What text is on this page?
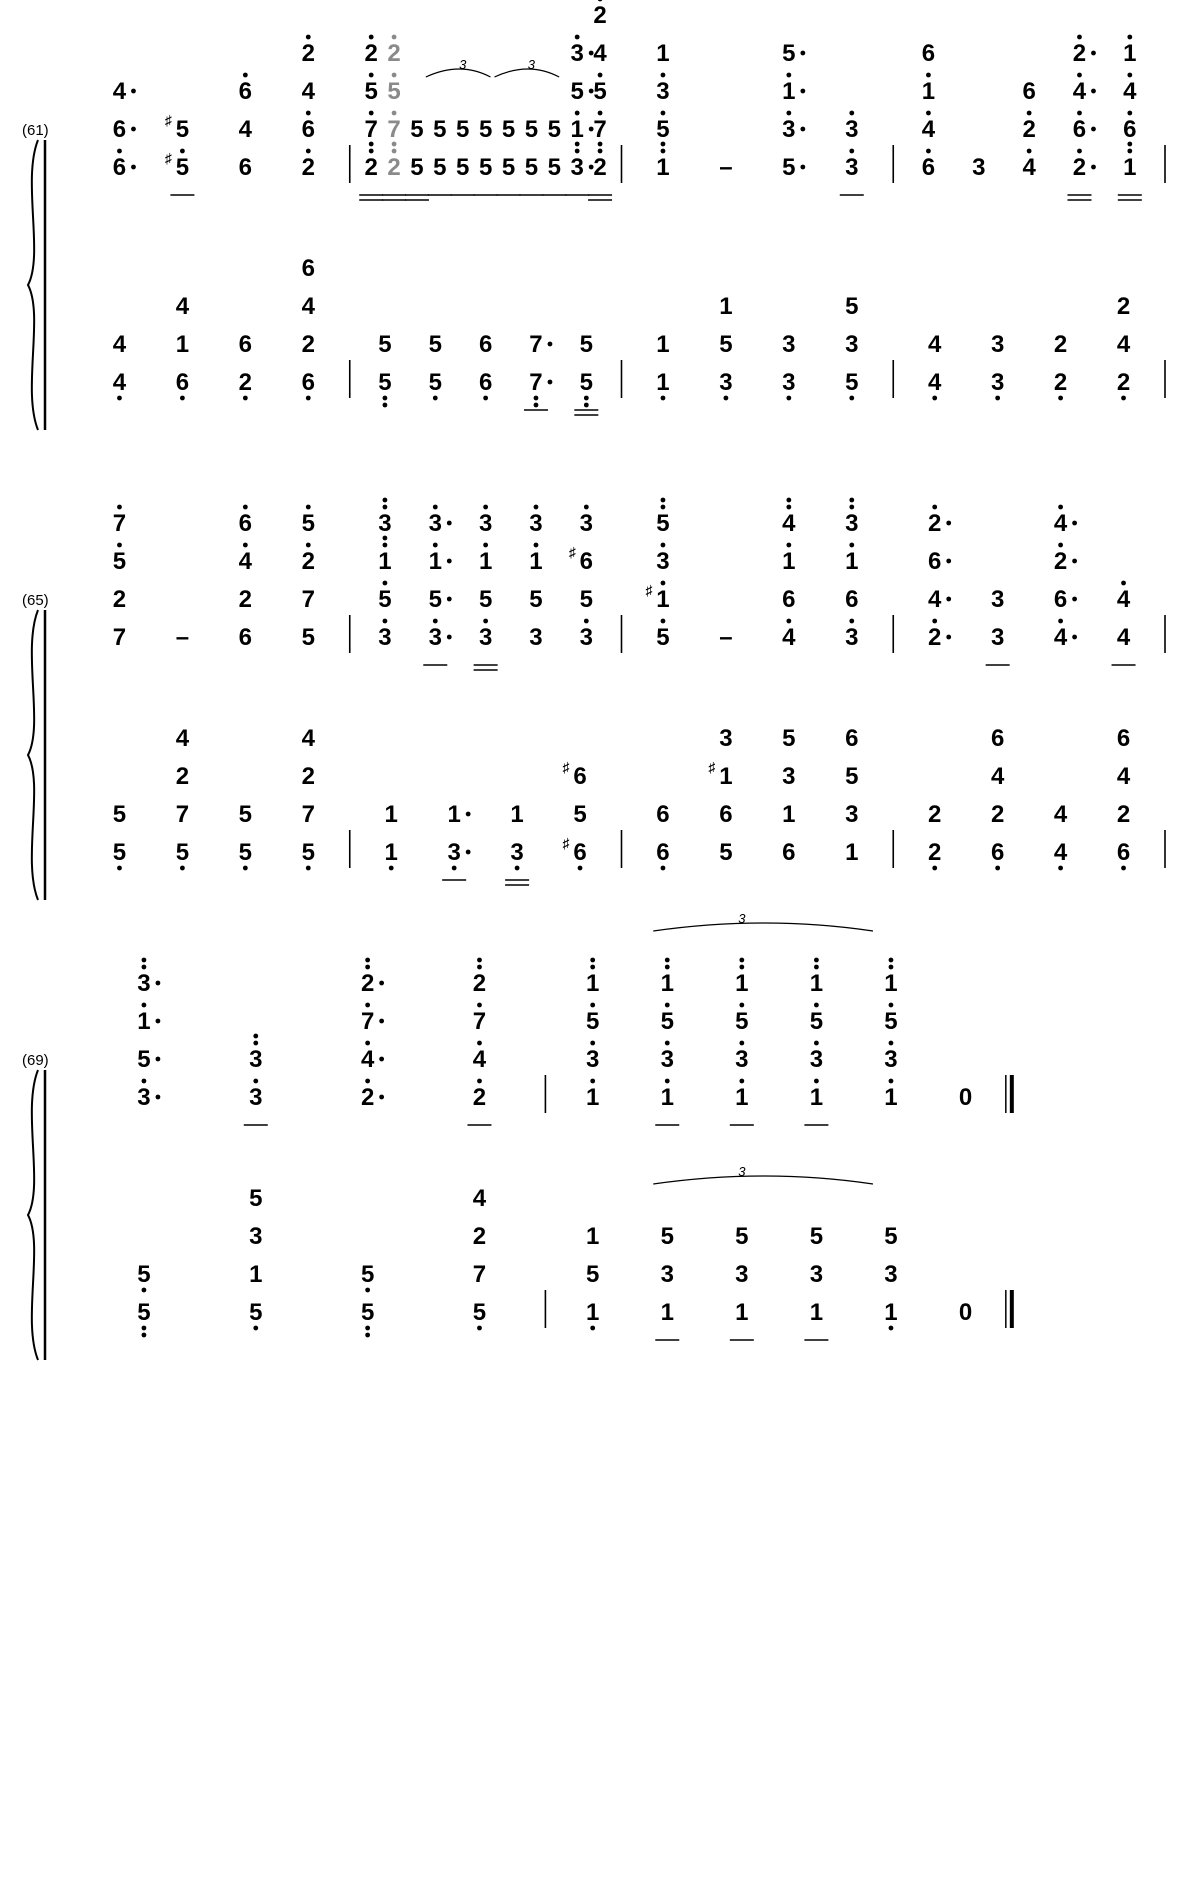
(61)
6
6
4
5
♯
5
♯
6
4
6
2
6
4
2
2
7
5
2
2
7
5
2
5
5
5
5
3
5
5
5
5
5
5
3
5
5
5
5
3
1
5
3
2
7
5
4
2
1
5
3
1
– 5
3
1
5
3
3
6
4
1
6
3 4
2
6
2
6
4
2
1
6
4
1
4
4
6
1
4
2
6
6
2
4
6
5
5
5
5
6
6
7
7
5
5
1
1
3
5
1
3
3
5
3
5
4
4
3
3
2
2
2
4
2
(65)
7
2
5
7
– 6
2
4
6
5
7
2
5
3
5
1
3
3
5
1
3
3
5
1
3
3
5
1
3
3
5
6
♯
3
5
1
♯
3
5
– 4
6
1
4
3
6
1
3
2
4
6
2
3
3
4
6
2
4
4
4
5
5
5
7
2
4
5
5
5
7
2
4
1
1
3
1
3
1
6
♯
5
6
♯
6
6
5
6
1
♯
3
6
1
3
5
1
3
5
6
2
2
6
2
4
6
4
4
6
2
4
6
(69)
3
5
1
3
3
3
2
4
7
2
2
4
7
2
1
3
5
1
1
3
5
1
3
1
3
5
1
1
3
5
1
1
3
5
1
0
5
5
5
1
3
5
5
5
5
7
2
4
1
5
1
1
3
5
3
1
3
5
1
3
5
1
3
5
0
